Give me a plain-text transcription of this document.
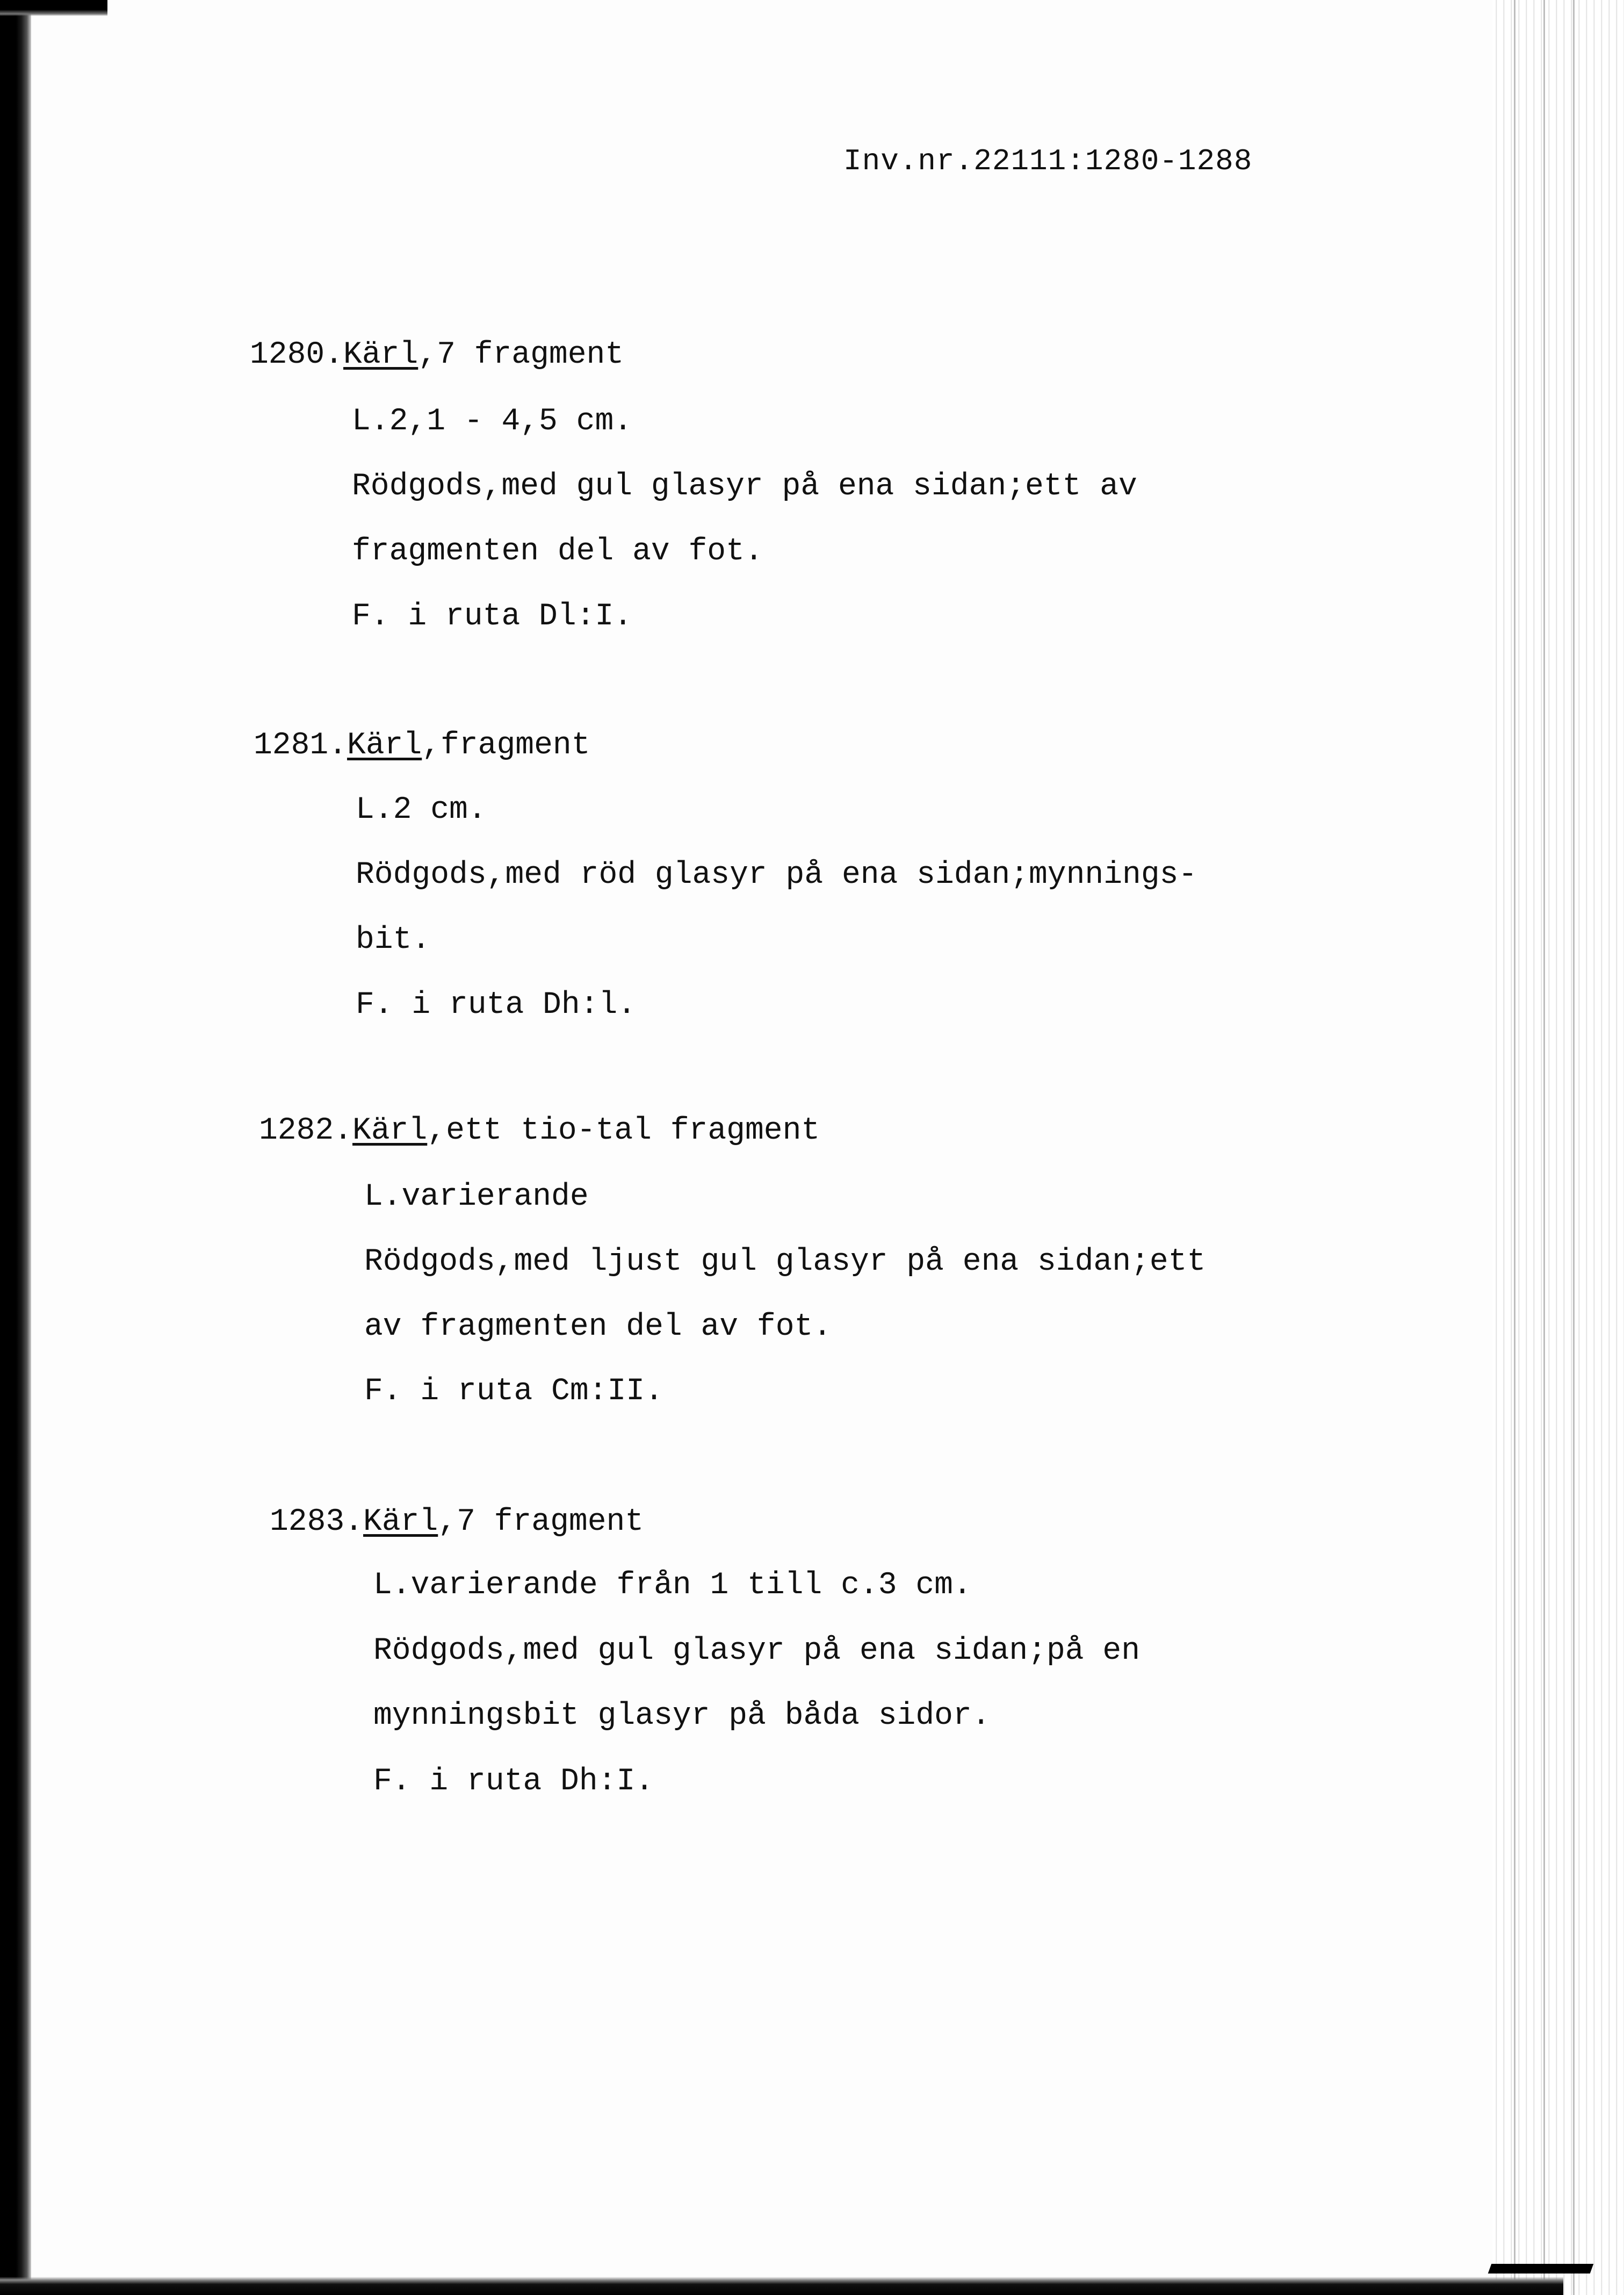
Inv.nr.22111:1280-1288
1280.Kärl,7 fragment
L.2,1 - 4,5 cm.
Rödgods,med gul glasyr på ena sidan;ett av
fragmenten del av fot.
F. i ruta Dl:I.
1281.Kärl,fragment
L.2 cm.
Rödgods,med röd glasyr på ena sidan;mynnings-
bit.
F. i ruta Dh:l.
1282.Kärl,ett tio-tal fragment
L.varierande
Rödgods,med ljust gul glasyr på ena sidan;ett
av fragmenten del av fot.
F. i ruta Cm:II.
1283.Kärl,7 fragment
L.varierande från 1 till c.3 cm.
Rödgods,med gul glasyr på ena sidan;på en
mynningsbit glasyr på båda sidor.
F. i ruta Dh:I.
